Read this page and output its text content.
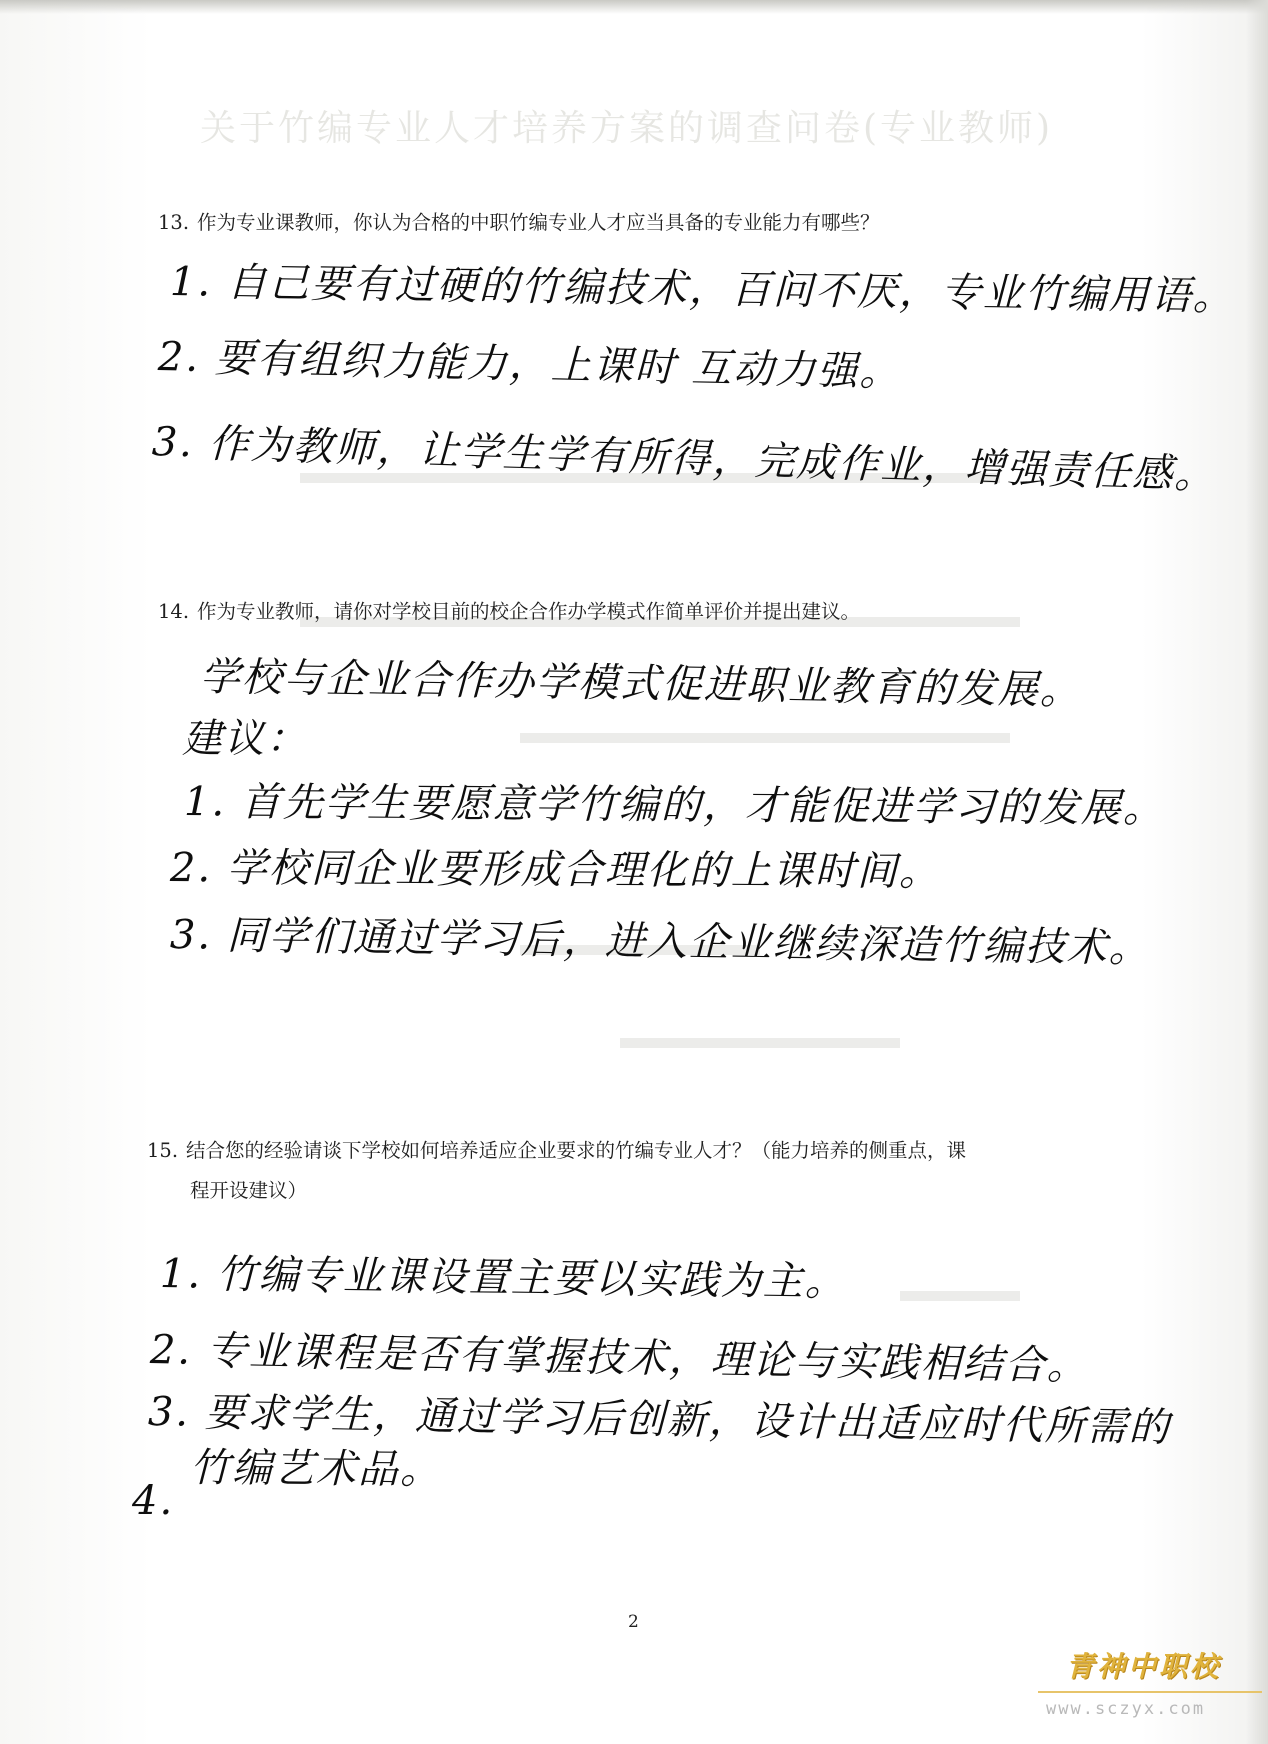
关于竹编专业人才培养方案的调查问卷(专业教师)
13. 作为专业课教师，你认为合格的中职竹编专业人才应当具备的专业能力有哪些？
1. 自己要有过硬的竹编技术，百问不厌，专业竹编用语。
2. 要有组织力能力，上课时 互动力强。
3. 作为教师，让学生学有所得，完成作业，增强责任感。
14. 作为专业教师，请你对学校目前的校企合作办学模式作简单评价并提出建议。
学校与企业合作办学模式促进职业教育的发展。
建议：
1. 首先学生要愿意学竹编的，才能促进学习的发展。
2. 学校同企业要形成合理化的上课时间。
3. 同学们通过学习后，进入企业继续深造竹编技术。
15. 结合您的经验请谈下学校如何培养适应企业要求的竹编专业人才？（能力培养的侧重点，课
程开设建议）
1. 竹编专业课设置主要以实践为主。
2. 专业课程是否有掌握技术，理论与实践相结合。
3. 要求学生，通过学习后创新，设计出适应时代所需的
竹编艺术品。
4.
2
青神中职校
www.sczyx.com
